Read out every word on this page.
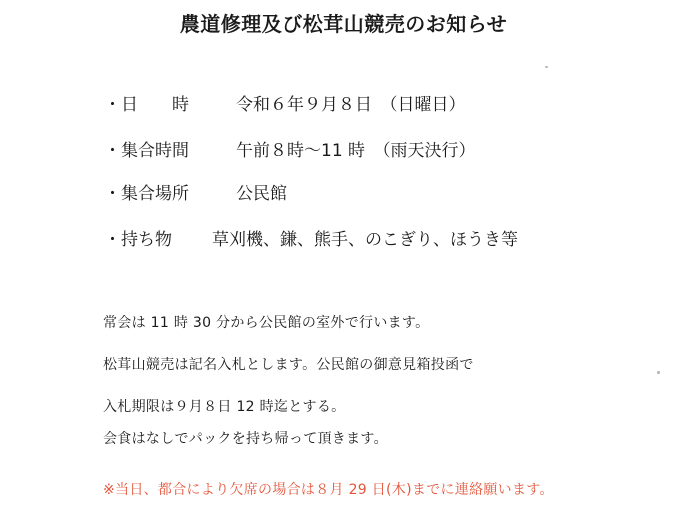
農道修理及び松茸山競売のお知らせ
・日　　時	令和６年９月８日　（日曜日）
・集合時間	午前８時～11 時　（雨天決行）
・集合場所	公民館
・持ち物 草刈機、鎌、熊手、のこぎり、ほうき等
常会は 11 時 30 分から公民館の室外で行います。
松茸山競売は記名入札とします。公民館の御意見箱投函で
入札期限は９月８日 12 時迄とする。
会食はなしでパックを持ち帰って頂きます。
※当日、都合により欠席の場合は８月 29 日(木)までに連絡願います。
